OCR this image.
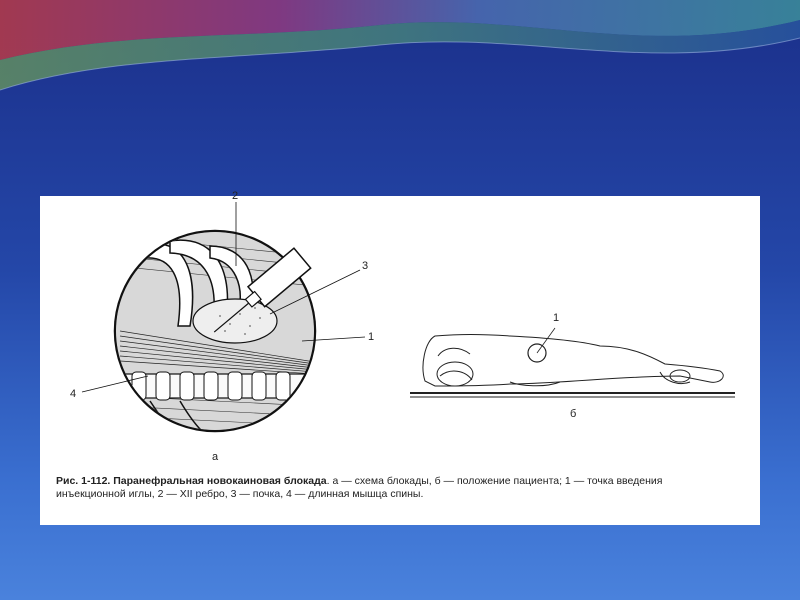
2
3
1
4
а
1
б
Рис. 1-112. Паранефральная новокаиновая блокада. а — схема блокады, б — положение пациента; 1 — точка введения
инъекционной иглы, 2 — XII ребро, 3 — почка, 4 — длинная мышца спины.
